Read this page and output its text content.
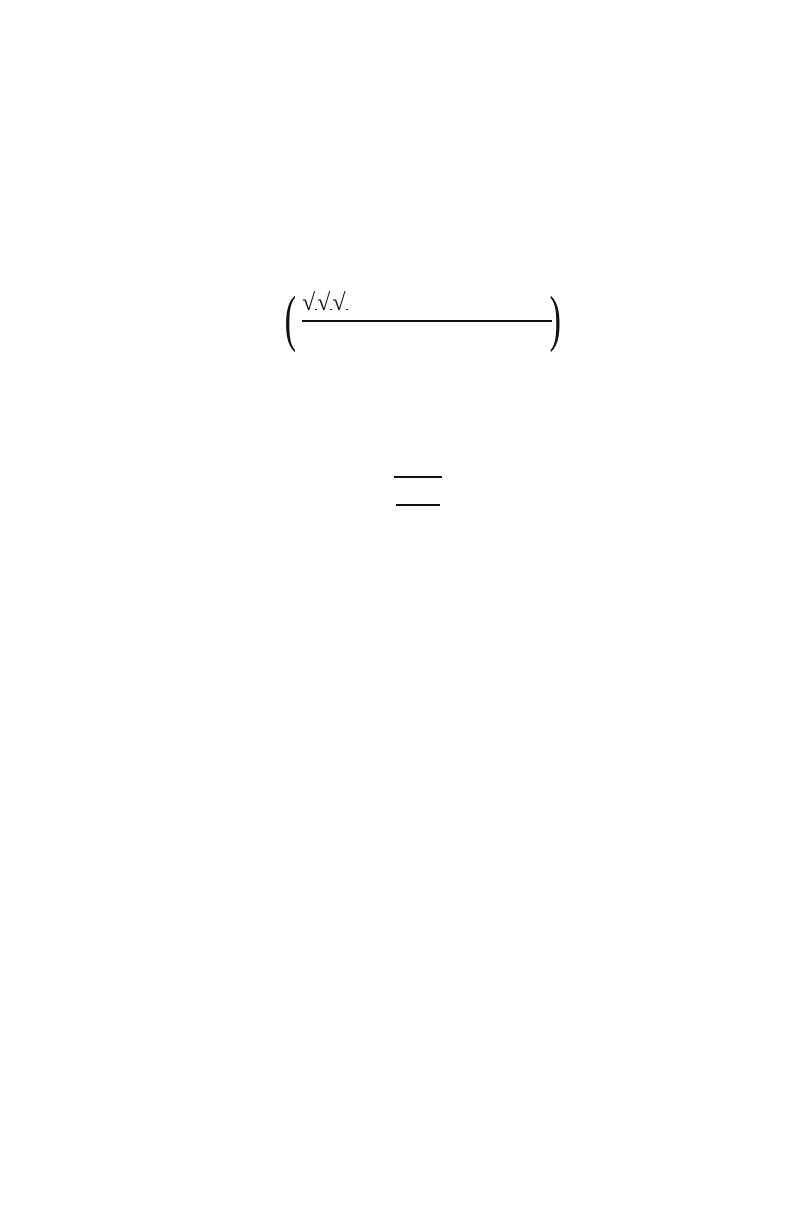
( √√√	)
